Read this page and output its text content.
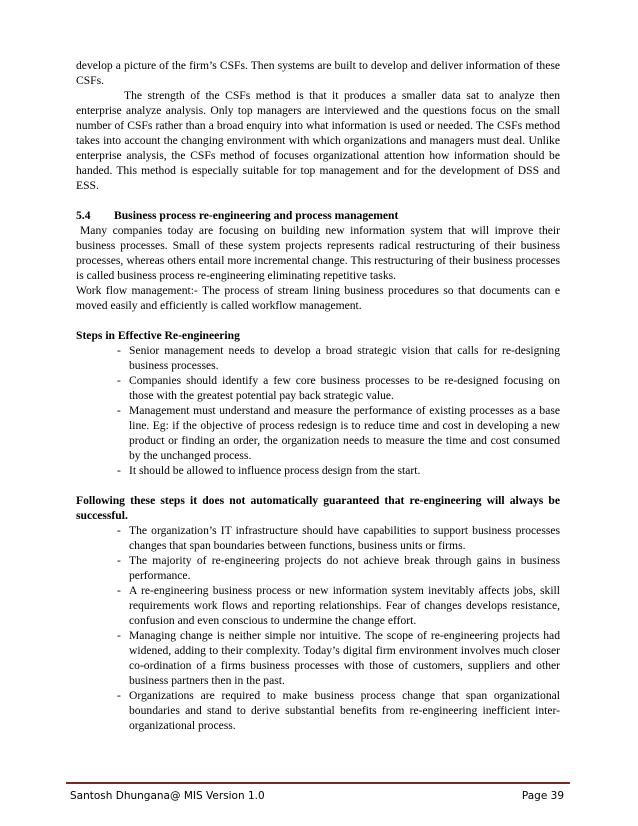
develop a picture of the firm’s CSFs. Then systems are built to develop and deliver information of these CSFs.

The strength of the CSFs method is that it produces a smaller data sat to analyze then enterprise analyze analysis. Only top managers are interviewed and the questions focus on the small number of CSFs rather than a broad enquiry into what information is used or needed. The CSFs method takes into account the changing environment with which organizations and managers must deal. Unlike enterprise analysis, the CSFs method of focuses organizational attention how information should be handed. This method is especially suitable for top management and for the development of DSS and ESS.

5.4 Business process re-engineering and process management

Many companies today are focusing on building new information system that will improve their business processes. Small of these system projects represents radical restructuring of their business processes, whereas others entail more incremental change. This restructuring of their business processes is called business process re-engineering eliminating repetitive tasks.

Work flow management:- The process of stream lining business procedures so that documents can e moved easily and efficiently is called workflow management.

Steps in Effective Re-engineering

- Senior management needs to develop a broad strategic vision that calls for re-designing business processes.
- Companies should identify a few core business processes to be re-designed focusing on those with the greatest potential pay back strategic value.
- Management must understand and measure the performance of existing processes as a base line. Eg: if the objective of process redesign is to reduce time and cost in developing a new product or finding an order, the organization needs to measure the time and cost consumed by the unchanged process.
- It should be allowed to influence process design from the start.

Following these steps it does not automatically guaranteed that re-engineering will always be successful.

- The organization’s IT infrastructure should have capabilities to support business processes changes that span boundaries between functions, business units or firms.
- The majority of re-engineering projects do not achieve break through gains in business performance.
- A re-engineering business process or new information system inevitably affects jobs, skill requirements work flows and reporting relationships. Fear of changes develops resistance, confusion and even conscious to undermine the change effort.
- Managing change is neither simple nor intuitive. The scope of re-engineering projects had widened, adding to their complexity. Today’s digital firm environment involves much closer co-ordination of a firms business processes with those of customers, suppliers and other business partners then in the past.
- Organizations are required to make business process change that span organizational boundaries and stand to derive substantial benefits from re-engineering inefficient inter-organizational process.
Santosh Dhungana@ MIS Version 1.0	Page 39
